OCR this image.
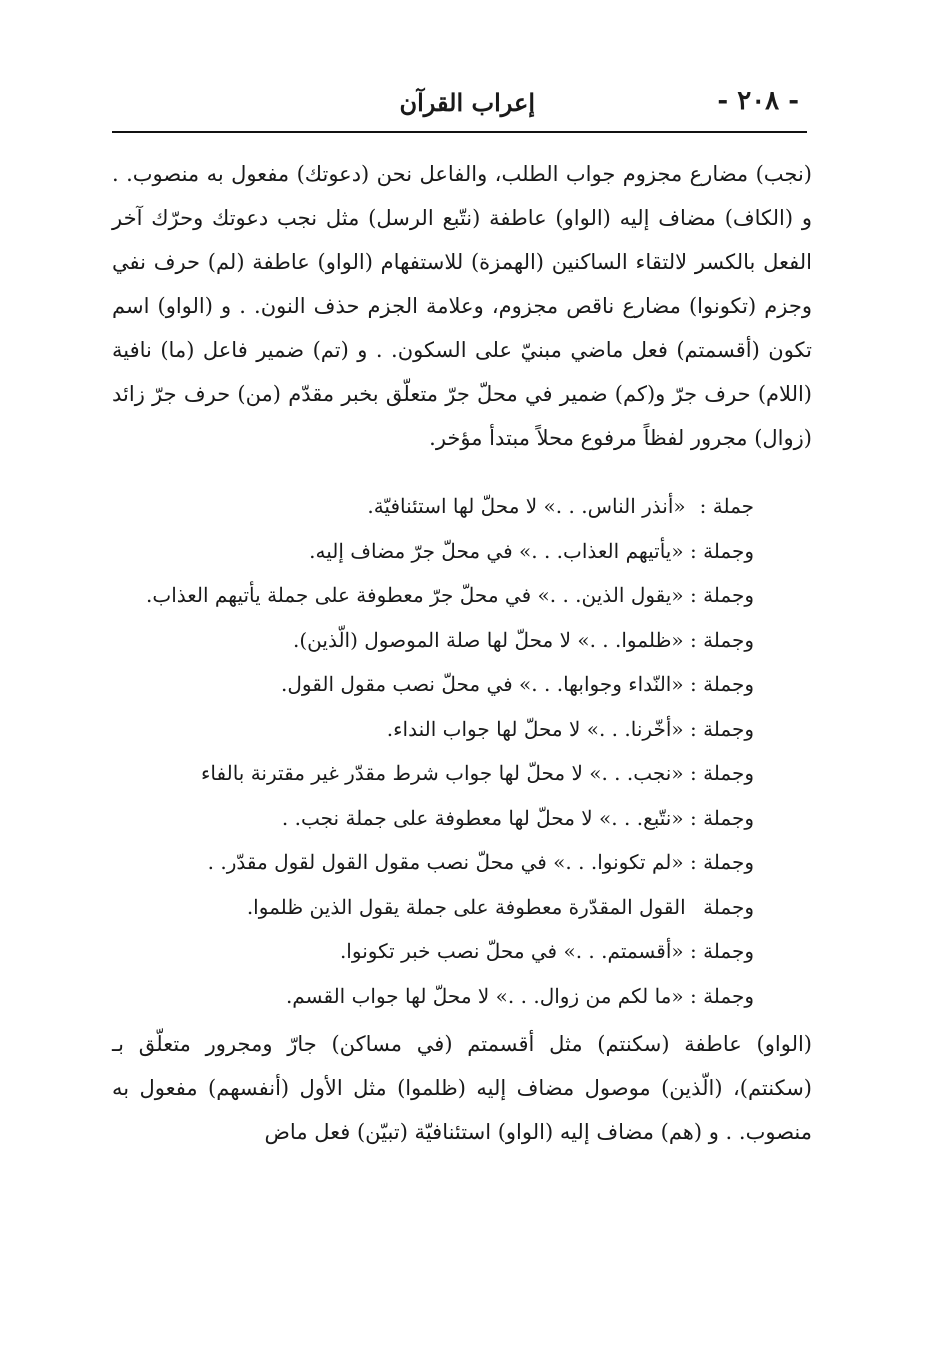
- ٢٠٨ -
إعراب القرآن

(نجب) مضارع مجزوم جواب الطلب، والفاعل نحن (دعوتك) مفعول به منصوب. . و (الكاف) مضاف إليه (الواو) عاطفة (نتّبع الرسل) مثل نجب دعوتك وحرّك آخر الفعل بالكسر لالتقاء الساكنين (الهمزة) للاستفهام (الواو) عاطفة (لم) حرف نفي وجزم (تكونوا) مضارع ناقص مجزوم، وعلامة الجزم حذف النون. . و (الواو) اسم تكون (أقسمتم) فعل ماضي مبنيّ على السكون. . و (تم) ضمير فاعل (ما) نافية (اللام) حرف جرّ و(كم) ضمير في محلّ جرّ متعلّق بخبر مقدّم (من) حرف جرّ زائد (زوال) مجرور لفظاً مرفوع محلاً مبتدأ مؤخر.

جملة : «أنذر الناس. . .» لا محلّ لها استئنافيّة.
وجملة : «يأتيهم العذاب. . .» في محلّ جرّ مضاف إليه.
وجملة : «يقول الذين. . .» في محلّ جرّ معطوفة على جملة يأتيهم العذاب.
وجملة : «ظلموا. . .» لا محلّ لها صلة الموصول (الّذين).
وجملة : «النّداء وجوابها. . .» في محلّ نصب مقول القول.
وجملة : «أخّرنا. . .» لا محلّ لها جواب النداء.
وجملة : «نجب. . .» لا محلّ لها جواب شرط مقدّر غير مقترنة بالفاء
وجملة : «نتّبع. . .» لا محلّ لها معطوفة على جملة نجب. .
وجملة : «لم تكونوا. . .» في محلّ نصب مقول القول لقول مقدّر. .
وجملة القول المقدّرة معطوفة على جملة يقول الذين ظلموا.
وجملة : «أقسمتم. . .» في محلّ نصب خبر تكونوا.
وجملة : «ما لكم من زوال. . .» لا محلّ لها جواب القسم.

(الواو) عاطفة (سكنتم) مثل أقسمتم (في مساكن) جارّ ومجرور متعلّق بـ (سكنتم)، (الّذين) موصول مضاف إليه (ظلموا) مثل الأول (أنفسهم) مفعول به منصوب. . و (هم) مضاف إليه (الواو) استئنافيّة (تبيّن) فعل ماض
